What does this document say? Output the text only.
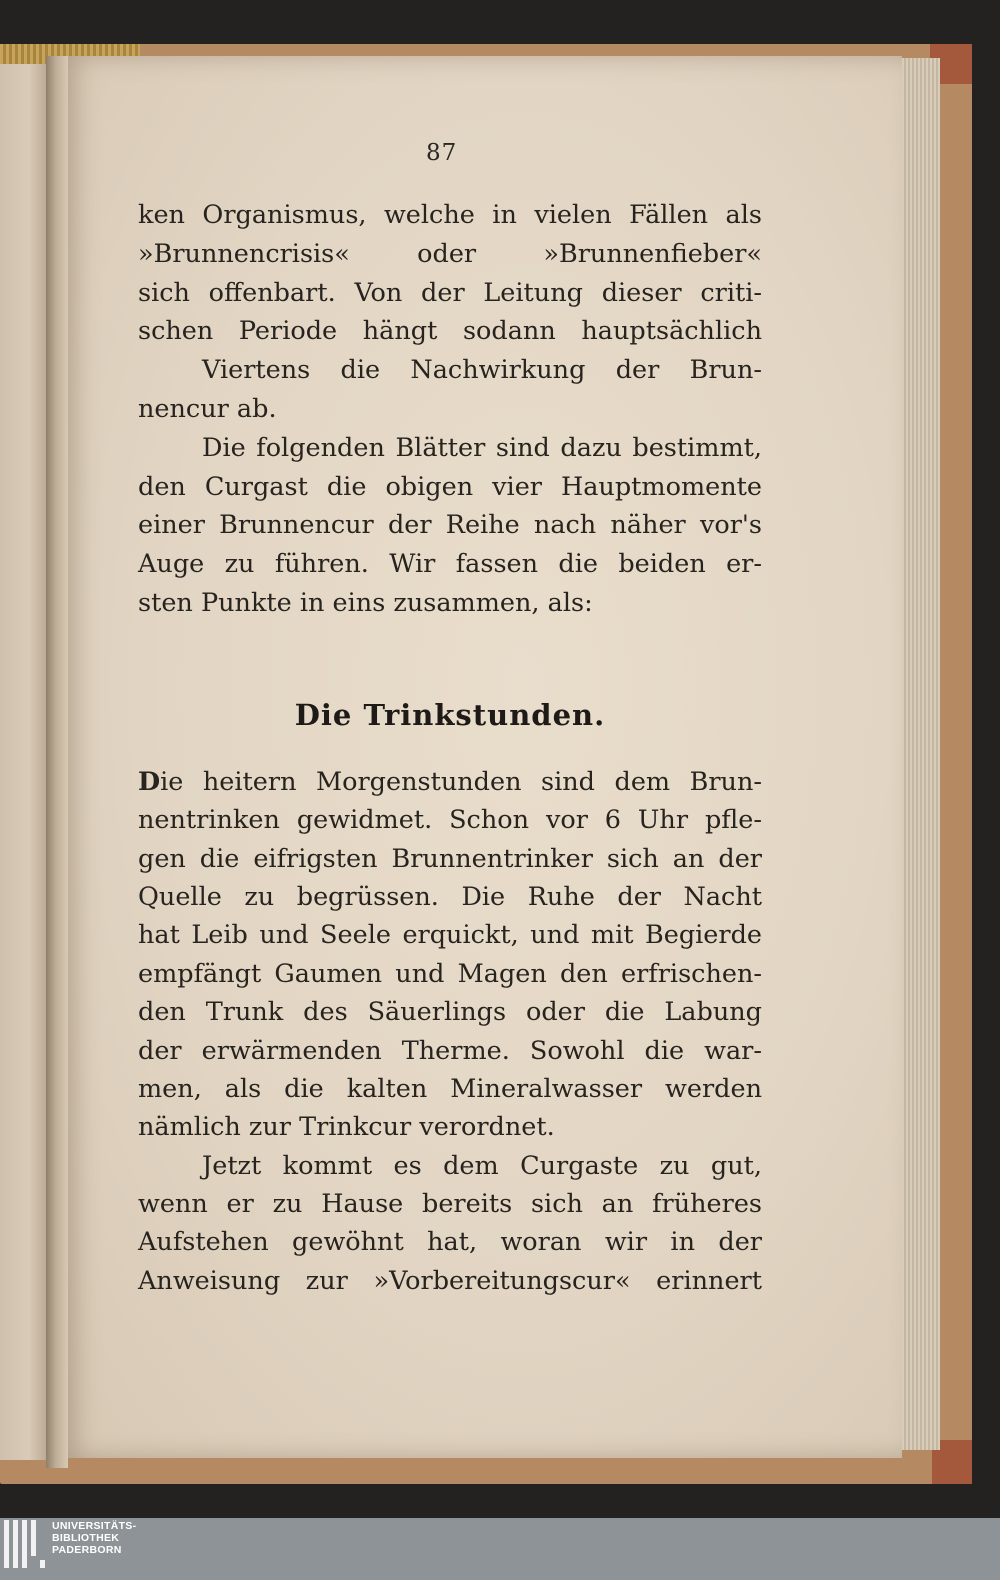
87
ken Organismus, welche in vielen Fällen als
»Brunnencrisis« oder »Brunnenfieber«
sich offenbart. Von der Leitung dieser criti-
schen Periode hängt sodann hauptsächlich
Viertens die Nachwirkung der Brun-
nencur ab.
Die folgenden Blätter sind dazu bestimmt,
den Curgast die obigen vier Hauptmomente
einer Brunnencur der Reihe nach näher vor's
Auge zu führen. Wir fassen die beiden er-
sten Punkte in eins zusammen, als:
Die Trinkstunden.
Die heitern Morgenstunden sind dem Brun-
nentrinken gewidmet. Schon vor 6 Uhr pfle-
gen die eifrigsten Brunnentrinker sich an der
Quelle zu begrüssen. Die Ruhe der Nacht
hat Leib und Seele erquickt, und mit Begierde
empfängt Gaumen und Magen den erfrischen-
den Trunk des Säuerlings oder die Labung
der erwärmenden Therme. Sowohl die war-
men, als die kalten Mineralwasser werden
nämlich zur Trinkcur verordnet.
Jetzt kommt es dem Curgaste zu gut,
wenn er zu Hause bereits sich an früheres
Aufstehen gewöhnt hat, woran wir in der
Anweisung zur »Vorbereitungscur« erinnert
UNIVERSITÄTS-
BIBLIOTHEK
PADERBORN
